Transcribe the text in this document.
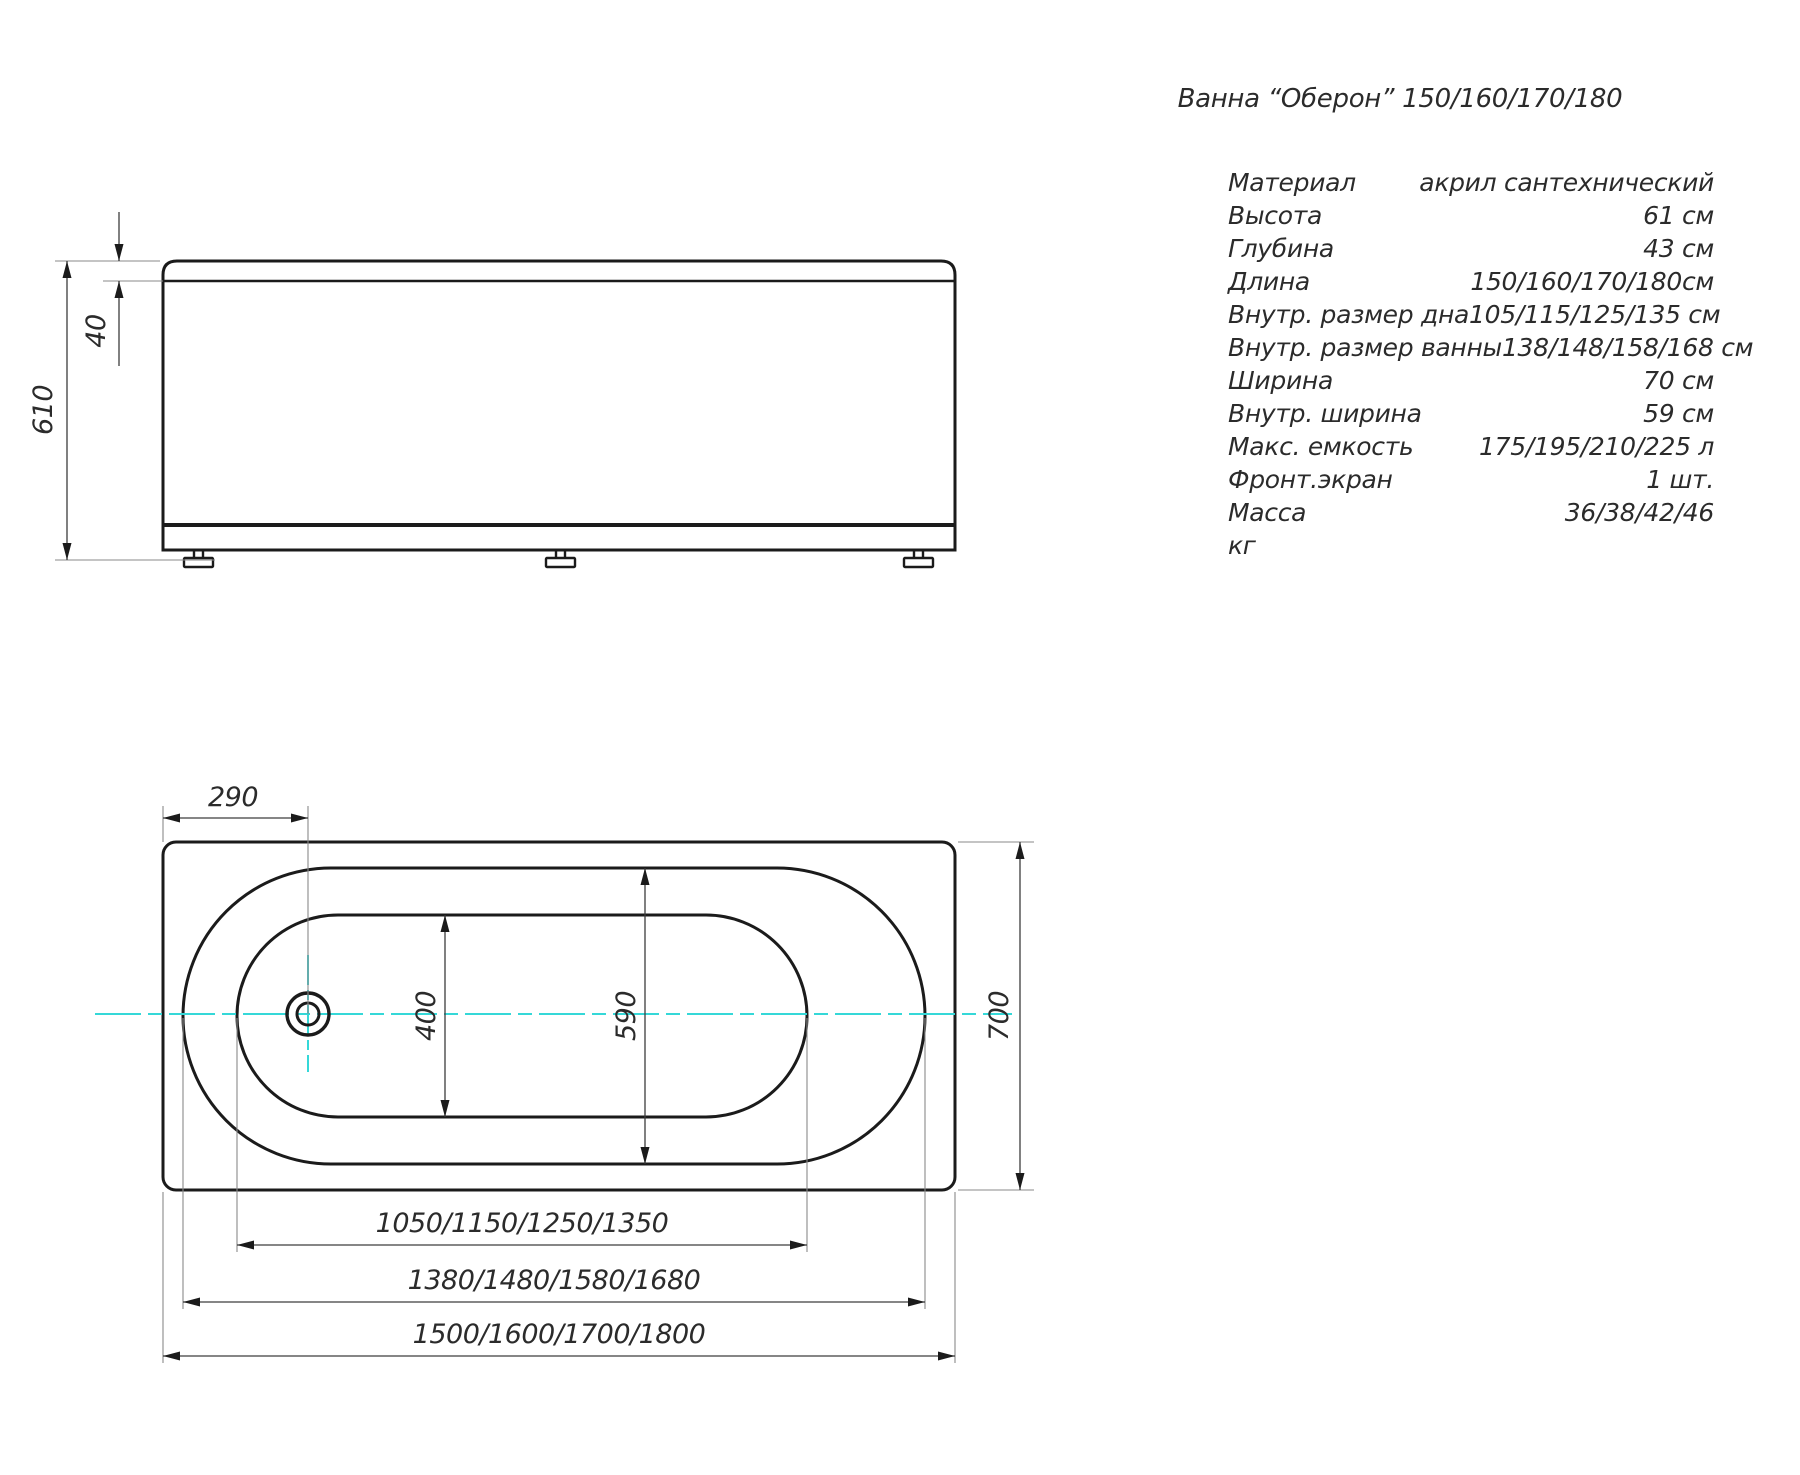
610
40
290
400	590	700
1050/1150/1250/1350
1380/1480/1580/1680
1500/1600/1700/1800
Ванна “Оберон” 150/160/170/180
Материал	акрил сантехнический
Высота	61 см
Глубина	43 см
Длина	150/160/170/180см
Внутр. размер дна 105/115/125/135 см
Внутр. размер ванны 138/148/158/168 см
Ширина	70 см
Внутр. ширина	59 см
Макс. емкость	175/195/210/225 л
Фронт.экран	1 шт.
Масса	36/38/42/46
кг
